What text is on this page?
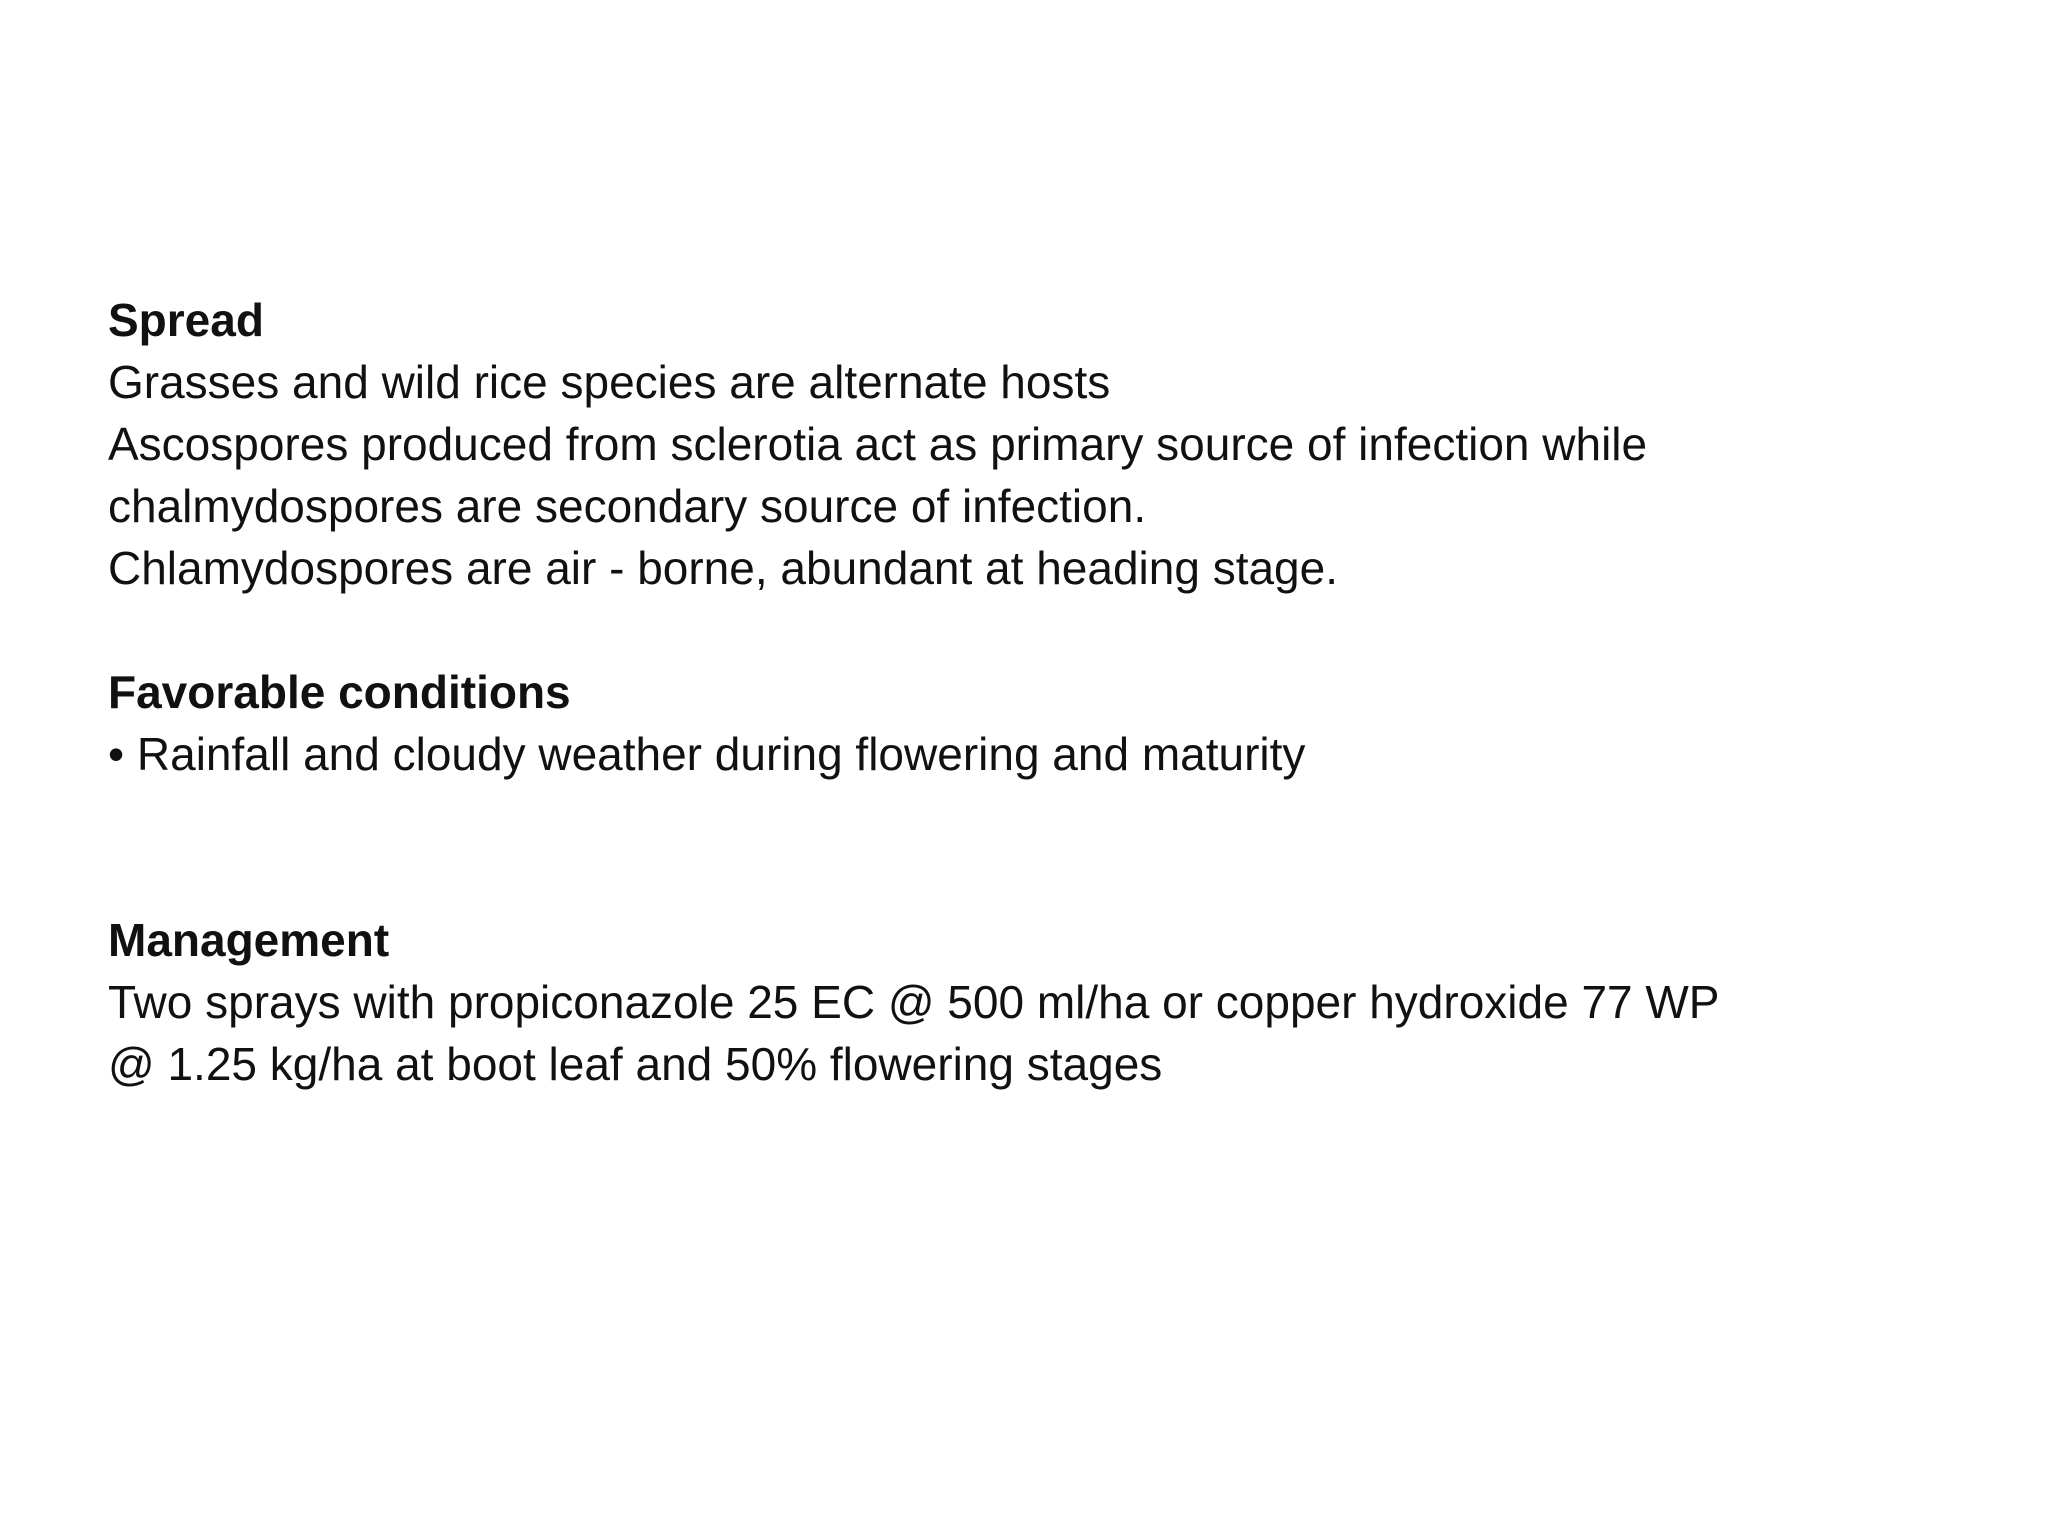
Spread

Grasses and wild rice species are alternate hosts

Ascospores produced from sclerotia act as primary source of infection while

chalmydospores are secondary source of infection.

Chlamydospores are air - borne, abundant at heading stage.

Favorable conditions

• Rainfall and cloudy weather during flowering and maturity

Management

Two sprays with propiconazole 25 EC @ 500 ml/ha or copper hydroxide 77 WP

@ 1.25 kg/ha at boot leaf and 50% flowering stages
